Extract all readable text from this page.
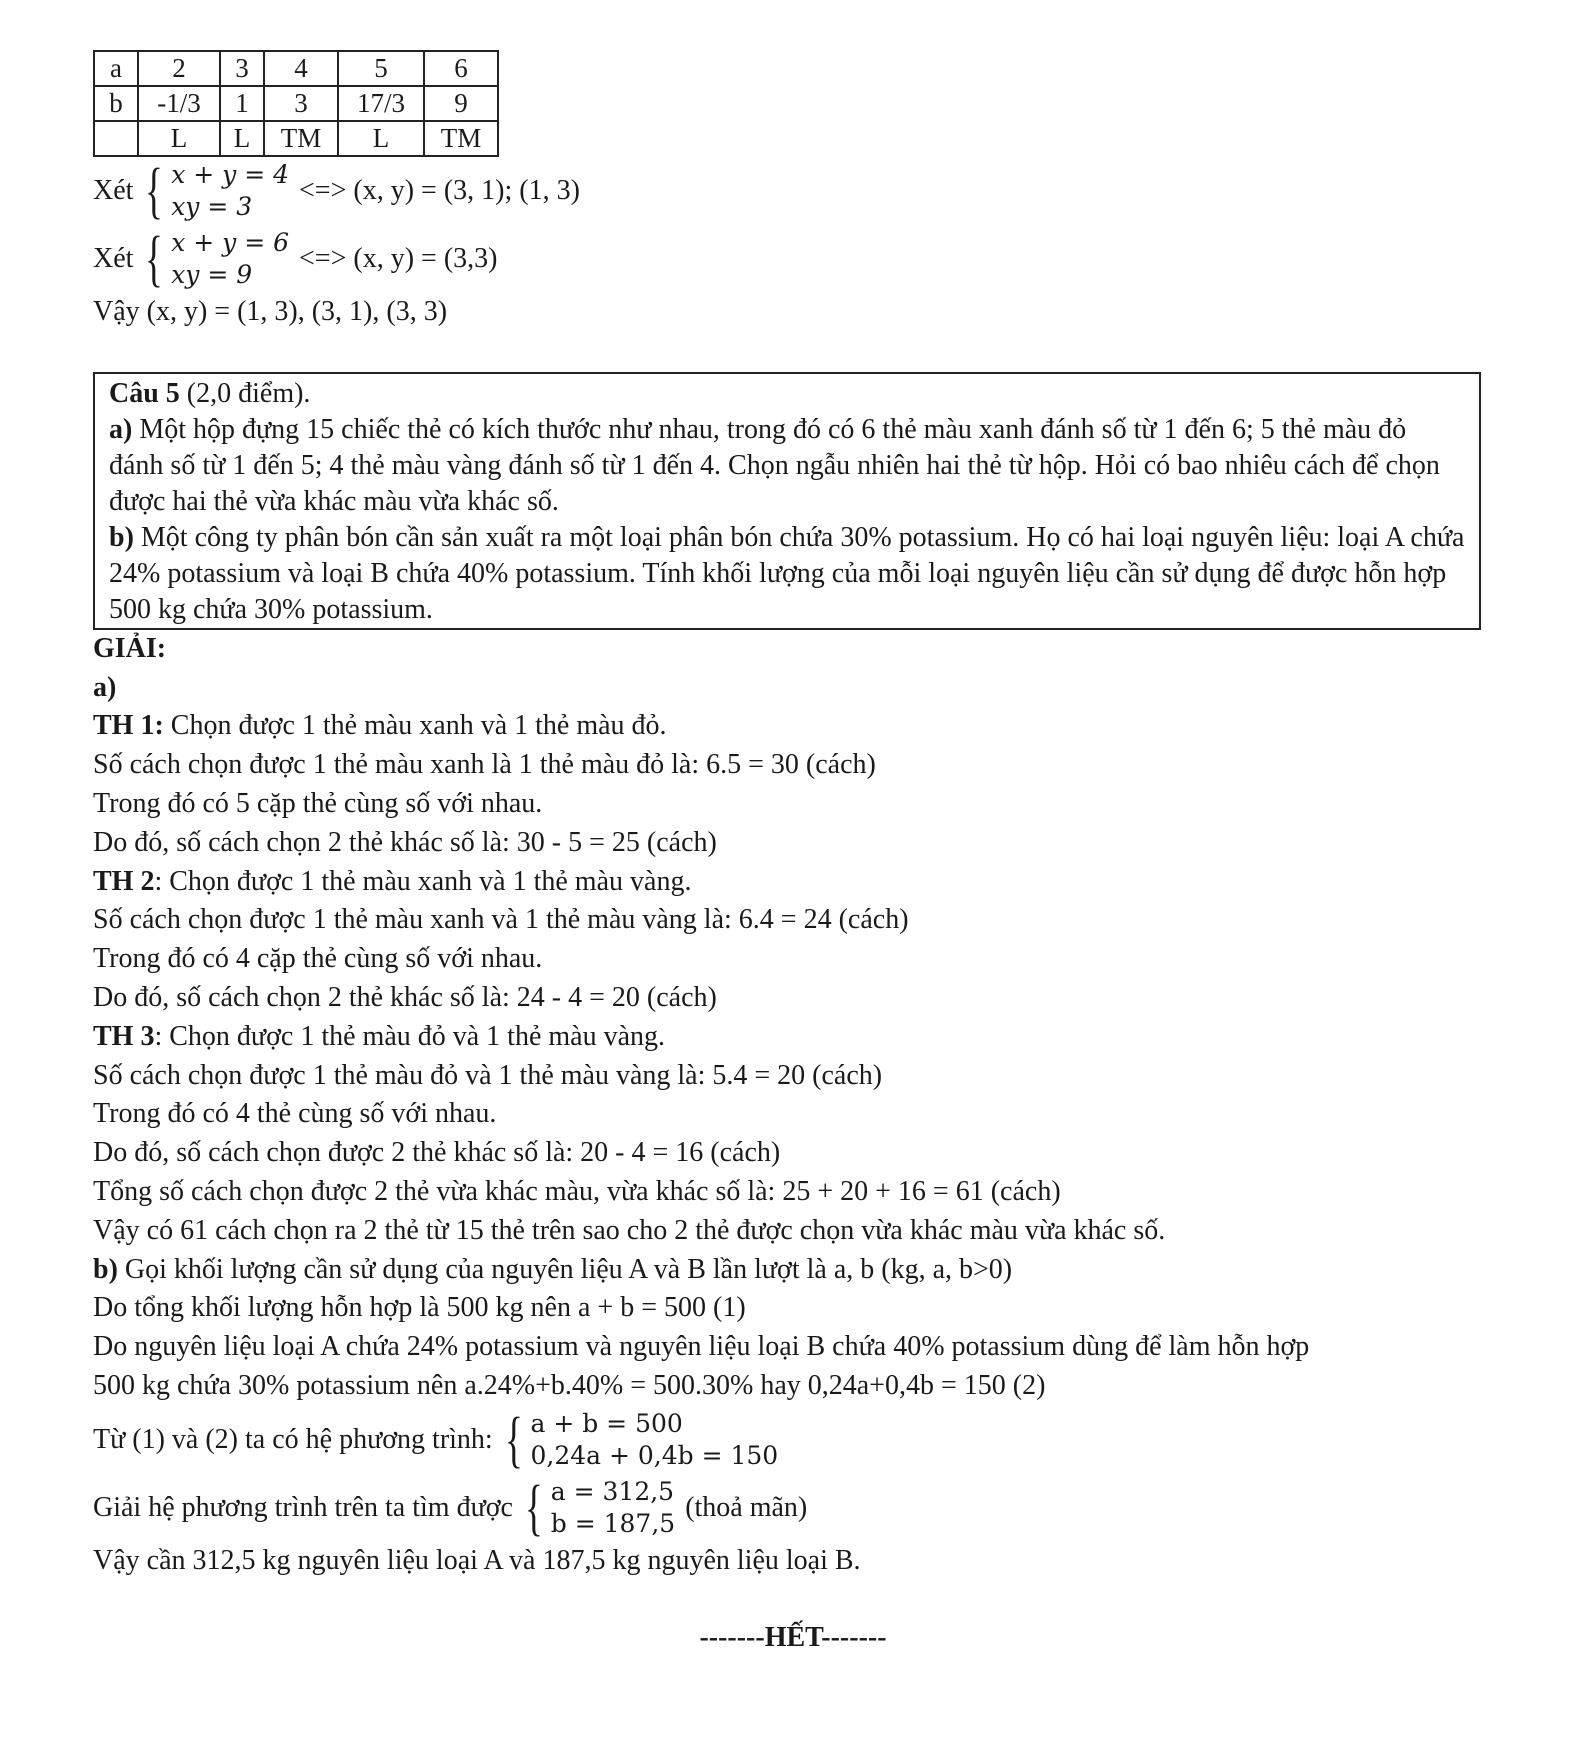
a	2	3	4	5	6
b	-1/3	1	3	17/3	9
	L	L	TM	L	TM
Xét { x + y = 4
xy = 3
<=> (x, y) = (3, 1); (1, 3)
Xét { x + y = 6
xy = 9
<=> (x, y) = (3,3)
Vậy (x, y) = (1, 3), (3, 1), (3, 3)
Câu 5 (2,0 điểm).
a) Một hộp đựng 15 chiếc thẻ có kích thước như nhau, trong đó có 6 thẻ màu xanh đánh số từ 1 đến 6; 5 thẻ màu đỏ đánh số từ 1 đến 5; 4 thẻ màu vàng đánh số từ 1 đến 4. Chọn ngẫu nhiên hai thẻ từ hộp. Hỏi có bao nhiêu cách để chọn được hai thẻ vừa khác màu vừa khác số.
b) Một công ty phân bón cần sản xuất ra một loại phân bón chứa 30% potassium. Họ có hai loại nguyên liệu: loại A chứa 24% potassium và loại B chứa 40% potassium. Tính khối lượng của mỗi loại nguyên liệu cần sử dụng để được hỗn hợp 500 kg chứa 30% potassium.
GIẢI:
a)
TH 1: Chọn được 1 thẻ màu xanh và 1 thẻ màu đỏ.
Số cách chọn được 1 thẻ màu xanh là 1 thẻ màu đỏ là: 6.5 = 30 (cách)
Trong đó có 5 cặp thẻ cùng số với nhau.
Do đó, số cách chọn 2 thẻ khác số là: 30 - 5 = 25 (cách)
TH 2: Chọn được 1 thẻ màu xanh và 1 thẻ màu vàng.
Số cách chọn được 1 thẻ màu xanh và 1 thẻ màu vàng là: 6.4 = 24 (cách)
Trong đó có 4 cặp thẻ cùng số với nhau.
Do đó, số cách chọn 2 thẻ khác số là: 24 - 4 = 20 (cách)
TH 3: Chọn được 1 thẻ màu đỏ và 1 thẻ màu vàng.
Số cách chọn được 1 thẻ màu đỏ và 1 thẻ màu vàng là: 5.4 = 20 (cách)
Trong đó có 4 thẻ cùng số với nhau.
Do đó, số cách chọn được 2 thẻ khác số là: 20 - 4 = 16 (cách)
Tổng số cách chọn được 2 thẻ vừa khác màu, vừa khác số là: 25 + 20 + 16 = 61 (cách)
Vậy có 61 cách chọn ra 2 thẻ từ 15 thẻ trên sao cho 2 thẻ được chọn vừa khác màu vừa khác số.
b) Gọi khối lượng cần sử dụng của nguyên liệu A và B lần lượt là a, b (kg, a, b>0)
Do tổng khối lượng hỗn hợp là 500 kg nên a + b = 500 (1)
Do nguyên liệu loại A chứa 24% potassium và nguyên liệu loại B chứa 40% potassium dùng để làm hỗn hợp
500 kg chứa 30% potassium nên a.24%+b.40% = 500.30% hay 0,24a+0,4b = 150 (2)
Từ (1) và (2) ta có hệ phương trình: { a + b = 500
0,24a + 0,4b = 150
Giải hệ phương trình trên ta tìm được { a = 312,5
b = 187,5
(thoả mãn)
Vậy cần 312,5 kg nguyên liệu loại A và 187,5 kg nguyên liệu loại B.
-------HẾT-------
